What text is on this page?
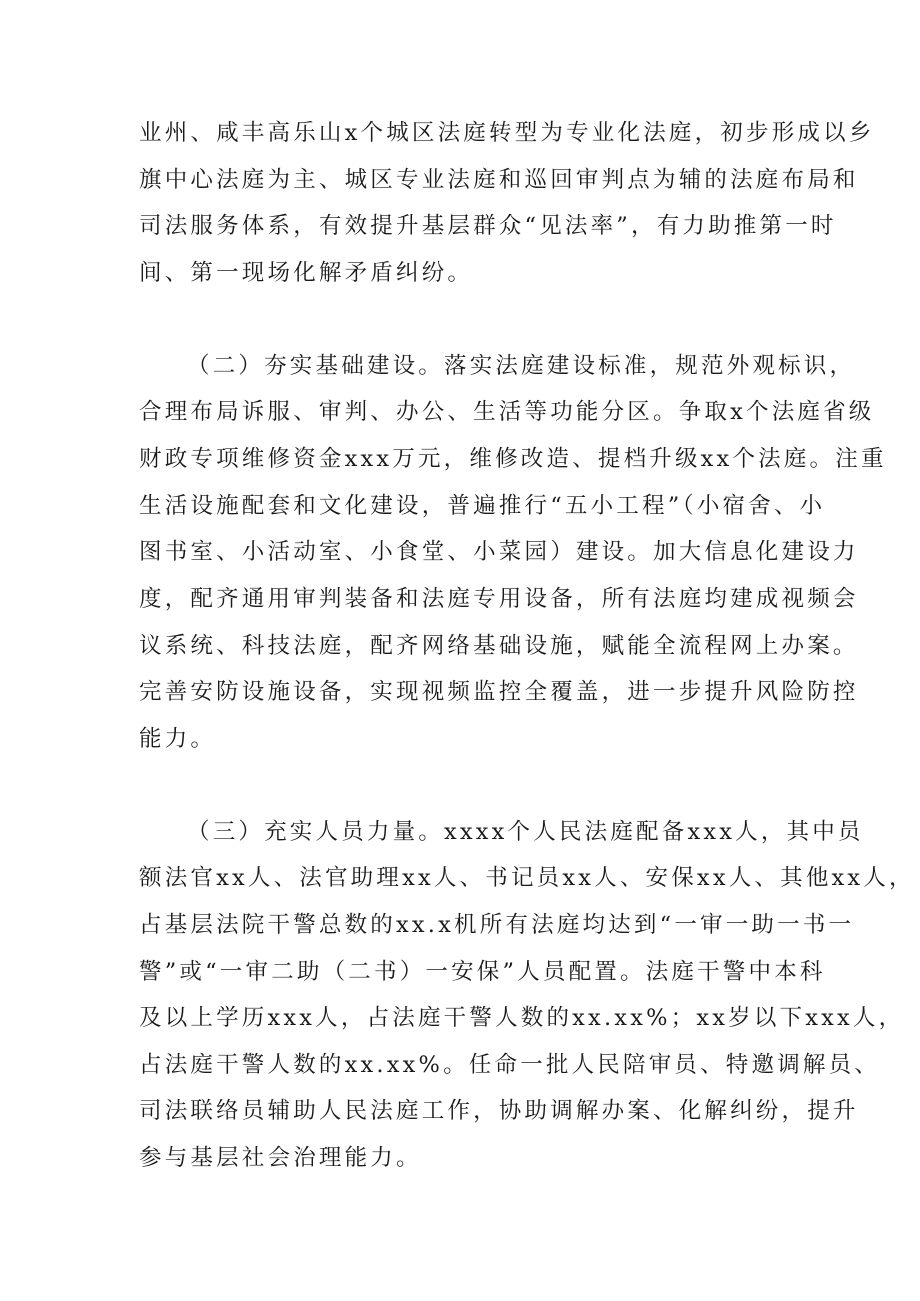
业州、咸丰高乐山x个城区法庭转型为专业化法庭，初步形成以乡
旗中心法庭为主、城区专业法庭和巡回审判点为辅的法庭布局和
司法服务体系，有效提升基层群众“见法率”，有力助推第一时
间、第一现场化解矛盾纠纷。
（二）夯实基础建设。落实法庭建设标准，规范外观标识，
合理布局诉服、审判、办公、生活等功能分区。争取x个法庭省级
财政专项维修资金xxx万元，维修改造、提档升级xx个法庭。注重
生活设施配套和文化建设，普遍推行“五小工程”（小宿舍、小
图书室、小活动室、小食堂、小菜园）建设。加大信息化建设力
度，配齐通用审判装备和法庭专用设备，所有法庭均建成视频会
议系统、科技法庭，配齐网络基础设施，赋能全流程网上办案。
完善安防设施设备，实现视频监控全覆盖，进一步提升风险防控
能力。
（三）充实人员力量。xxxx个人民法庭配备xxx人，其中员
额法官xx人、法官助理xx人、书记员xx人、安保xx人、其他xx人，
占基层法院干警总数的xx.x机所有法庭均达到“一审一助一书一
警”或“一审二助（二书）一安保”人员配置。法庭干警中本科
及以上学历xxx人，占法庭干警人数的xx.xx%；xx岁以下xxx人，
占法庭干警人数的xx.xx%。任命一批人民陪审员、特邀调解员、
司法联络员辅助人民法庭工作，协助调解办案、化解纠纷，提升
参与基层社会治理能力。
